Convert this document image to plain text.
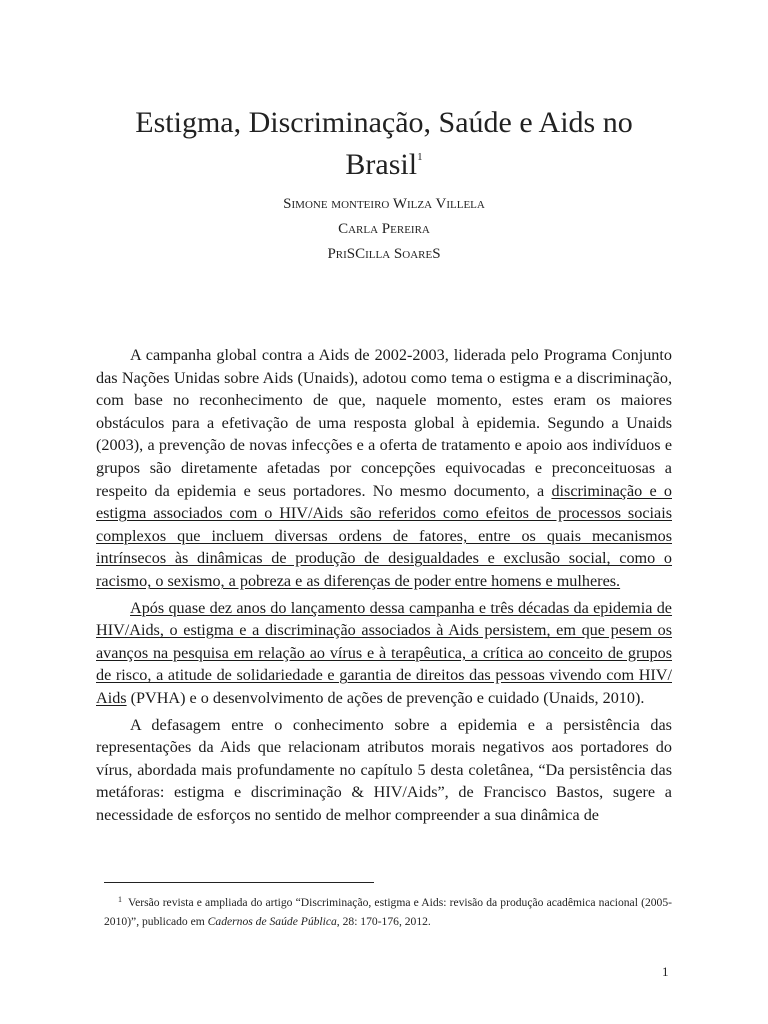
Estigma, Discriminação, Saúde e Aids no Brasil$^1$
Simone monteiro Wilza Villela
Carla Pereira
PriSCilla SoareS

A campanha global contra a Aids de 2002-2003, liderada pelo Programa Conjunto das Nações Unidas sobre Aids (Unaids), adotou como tema o estigma e a discriminação, com base no reconhecimento de que, naquele momento, estes eram os maiores obstáculos para a efetivação de uma resposta global à epidemia. Segundo a Unaids (2003), a prevenção de novas infecções e a oferta de tratamento e apoio aos indivíduos e grupos são diretamente afetadas por concepções equivocadas e preconceituosas a respeito da epidemia e seus portadores. No mesmo documento, a discriminação e o estigma associados com o HIV/Aids são referidos como efeitos de processos sociais complexos que incluem diversas ordens de fatores, entre os quais mecanismos intrínsecos às dinâmicas de produção de desigualdades e exclusão social, como o racismo, o sexismo, a pobreza e as diferenças de poder entre homens e mulheres.

Após quase dez anos do lançamento dessa campanha e três décadas da epidemia de HIV/Aids, o estigma e a discriminação associados à Aids persistem, em que pesem os avanços na pesquisa em relação ao vírus e à terapêutica, a crítica ao conceito de grupos de risco, a atitude de solidariedade e garantia de direitos das pessoas vivendo com HIV/ Aids (PVHA) e o desenvolvimento de ações de prevenção e cuidado (Unaids, 2010).

A defasagem entre o conhecimento sobre a epidemia e a persistência das representações da Aids que relacionam atributos morais negativos aos portadores do vírus, abordada mais profundamente no capítulo 5 desta coletânea, “Da persistência das metáforas: estigma e discriminação & HIV/Aids”, de Francisco Bastos, sugere a necessidade de esforços no sentido de melhor compreender a sua dinâmica de

$^1$ Versão revista e ampliada do artigo “Discriminação, estigma e Aids: revisão da produção acadêmica nacional (2005-2010)”, publicado em Cadernos de Saúde Pública, 28: 170-176, 2012.
1
